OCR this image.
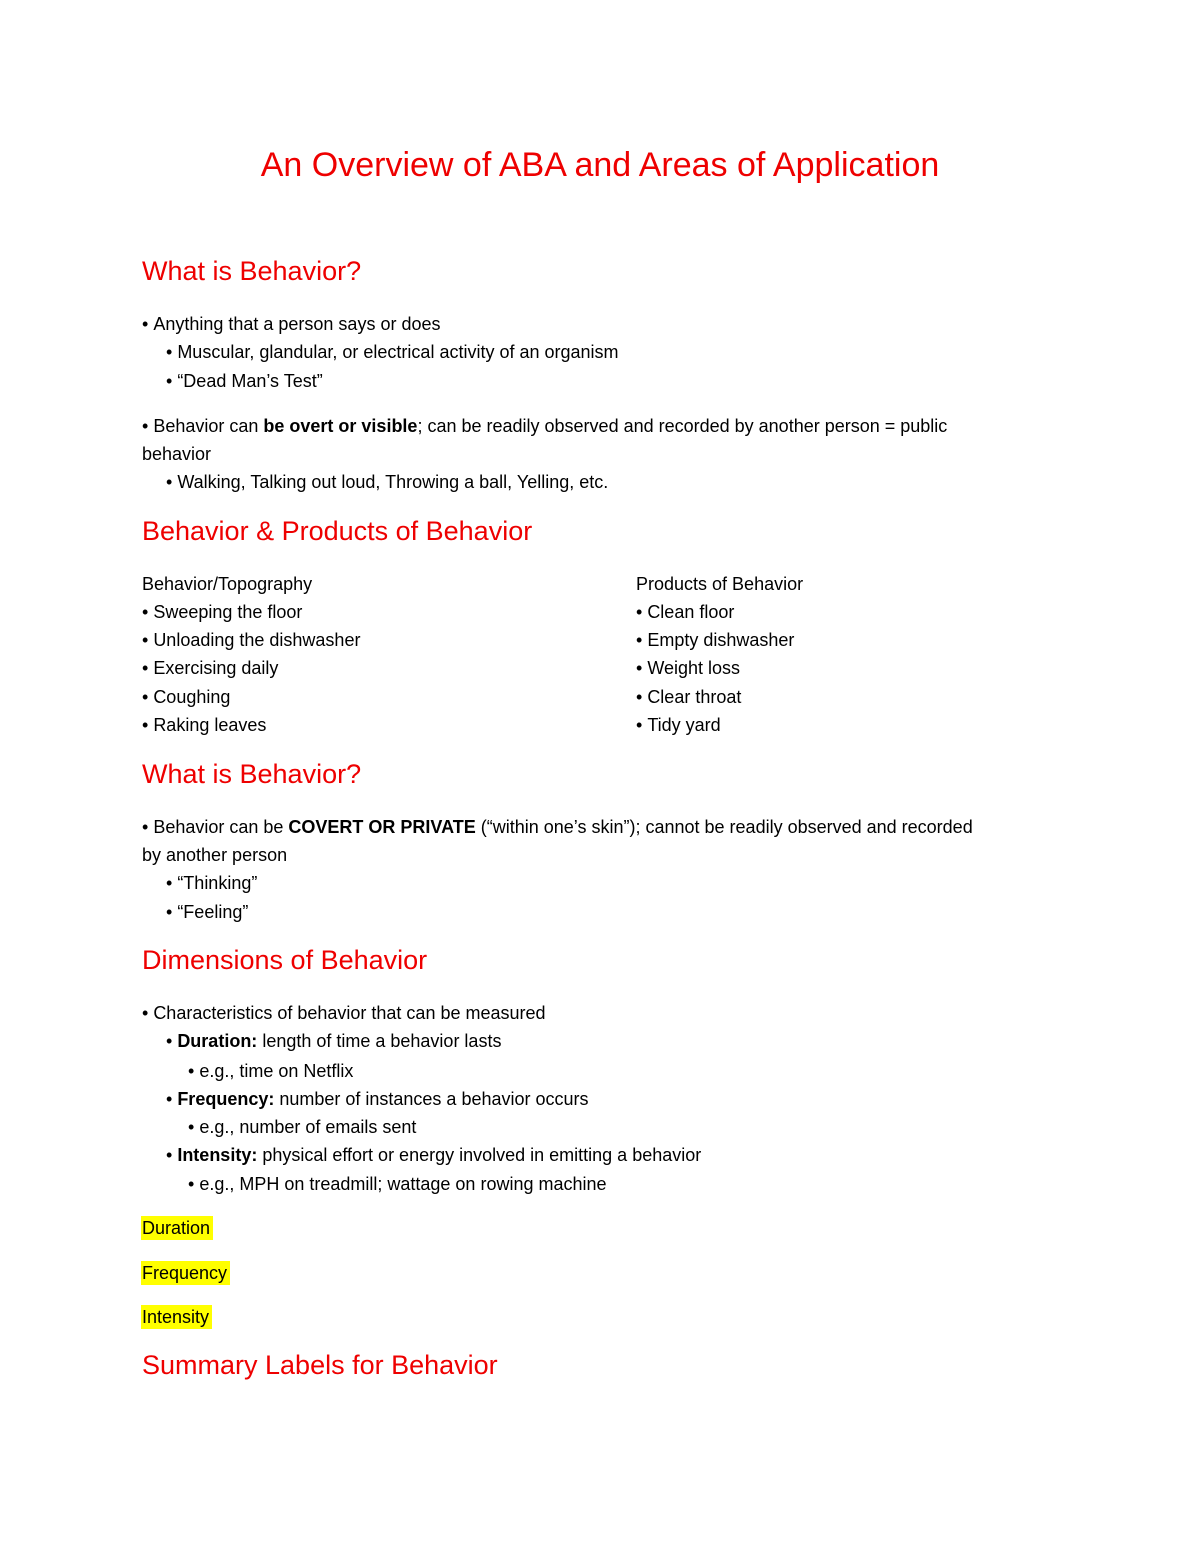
An Overview of ABA and Areas of Application
What is Behavior?
• Anything that a person says or does
• Muscular, glandular, or electrical activity of an organism
• “Dead Man’s Test”
• Behavior can be overt or visible; can be readily observed and recorded by another person = public
behavior
• Walking, Talking out loud, Throwing a ball, Yelling, etc.
Behavior & Products of Behavior
Behavior/Topography
• Sweeping the floor
• Unloading the dishwasher
• Exercising daily
• Coughing
• Raking leaves
Products of Behavior
• Clean floor
• Empty dishwasher
• Weight loss
• Clear throat
• Tidy yard
What is Behavior?
• Behavior can be COVERT OR PRIVATE (“within one’s skin”); cannot be readily observed and recorded
by another person
• “Thinking”
• “Feeling”
Dimensions of Behavior
• Characteristics of behavior that can be measured
• Duration: length of time a behavior lasts
• e.g., time on Netflix
• Frequency: number of instances a behavior occurs
• e.g., number of emails sent
• Intensity: physical effort or energy involved in emitting a behavior
• e.g., MPH on treadmill; wattage on rowing machine
Duration
Frequency
Intensity
Summary Labels for Behavior
